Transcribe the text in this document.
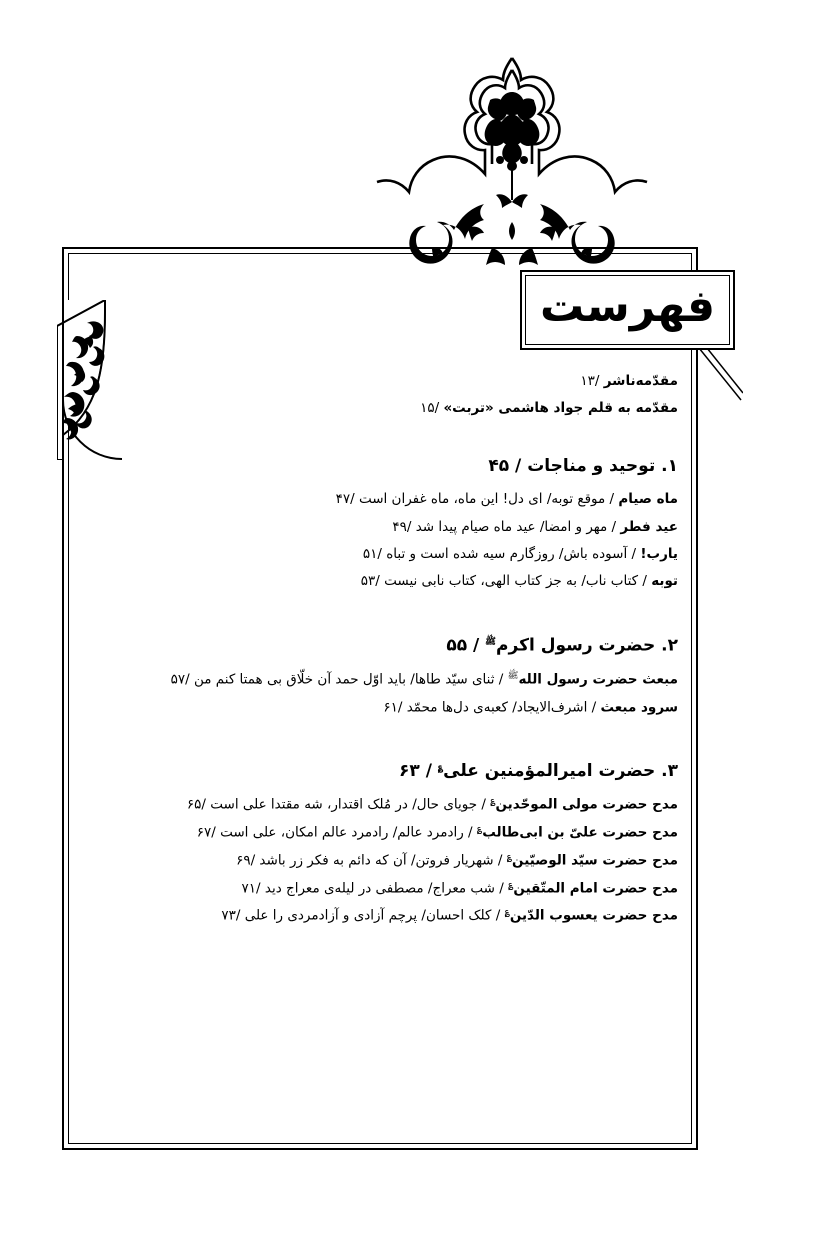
فهرست
مقدّمه‌ناشر /۱۳
مقدّمه به قلم جواد هاشمی «تربت» /۱۵
۱. توحید و مناجات / ۴۵
ماه صیام / موقع توبه/ ای دل! این ماه، ماه غفران است /۴۷
عید فطر / مهر و امضا/ عید ماه صیام پیدا شد /۴۹
یارب! / آسوده باش/ روزگارم سیه شده است و تباه /۵۱
توبه / کتاب ناب/ به جز کتاب الهی، کتاب نابی نیست /۵۳
۲. حضرت رسول اکرم$^ﷺ$ / ۵۵
مبعث حضرت رسول الله$^ﷺ$ / ثنای سیّد طاها/ باید اوّل حمد آن خلّاق بی همتا کنم من /۵۷
سرود مبعث / اشرف‌الایجاد/ کعبه‌ی دل‌ها محمّد /۶۱
۳. حضرت امیرالمؤمنین علی؏ / ۶۳
مدح حضرت مولی الموحّدین؏ / جویای حال/ در مُلک اقتدار، شه مقتدا علی است /۶۵
مدح حضرت علیّ بن ابی‌طالب؏ / رادمرد عالم/ رادمرد عالم امکان، علی است /۶۷
مدح حضرت سیّد الوصیّین؏ / شهریار فروتن/ آن که دائم به فکر زر باشد /۶۹
مدح حضرت امام المتّقین؏ / شب معراج/ مصطفی در لیله‌ی معراج دید /۷۱
مدح حضرت یعسوب الدّین؏ / کلک احسان/ پرچم آزادی و آزادمردی را علی /۷۳
